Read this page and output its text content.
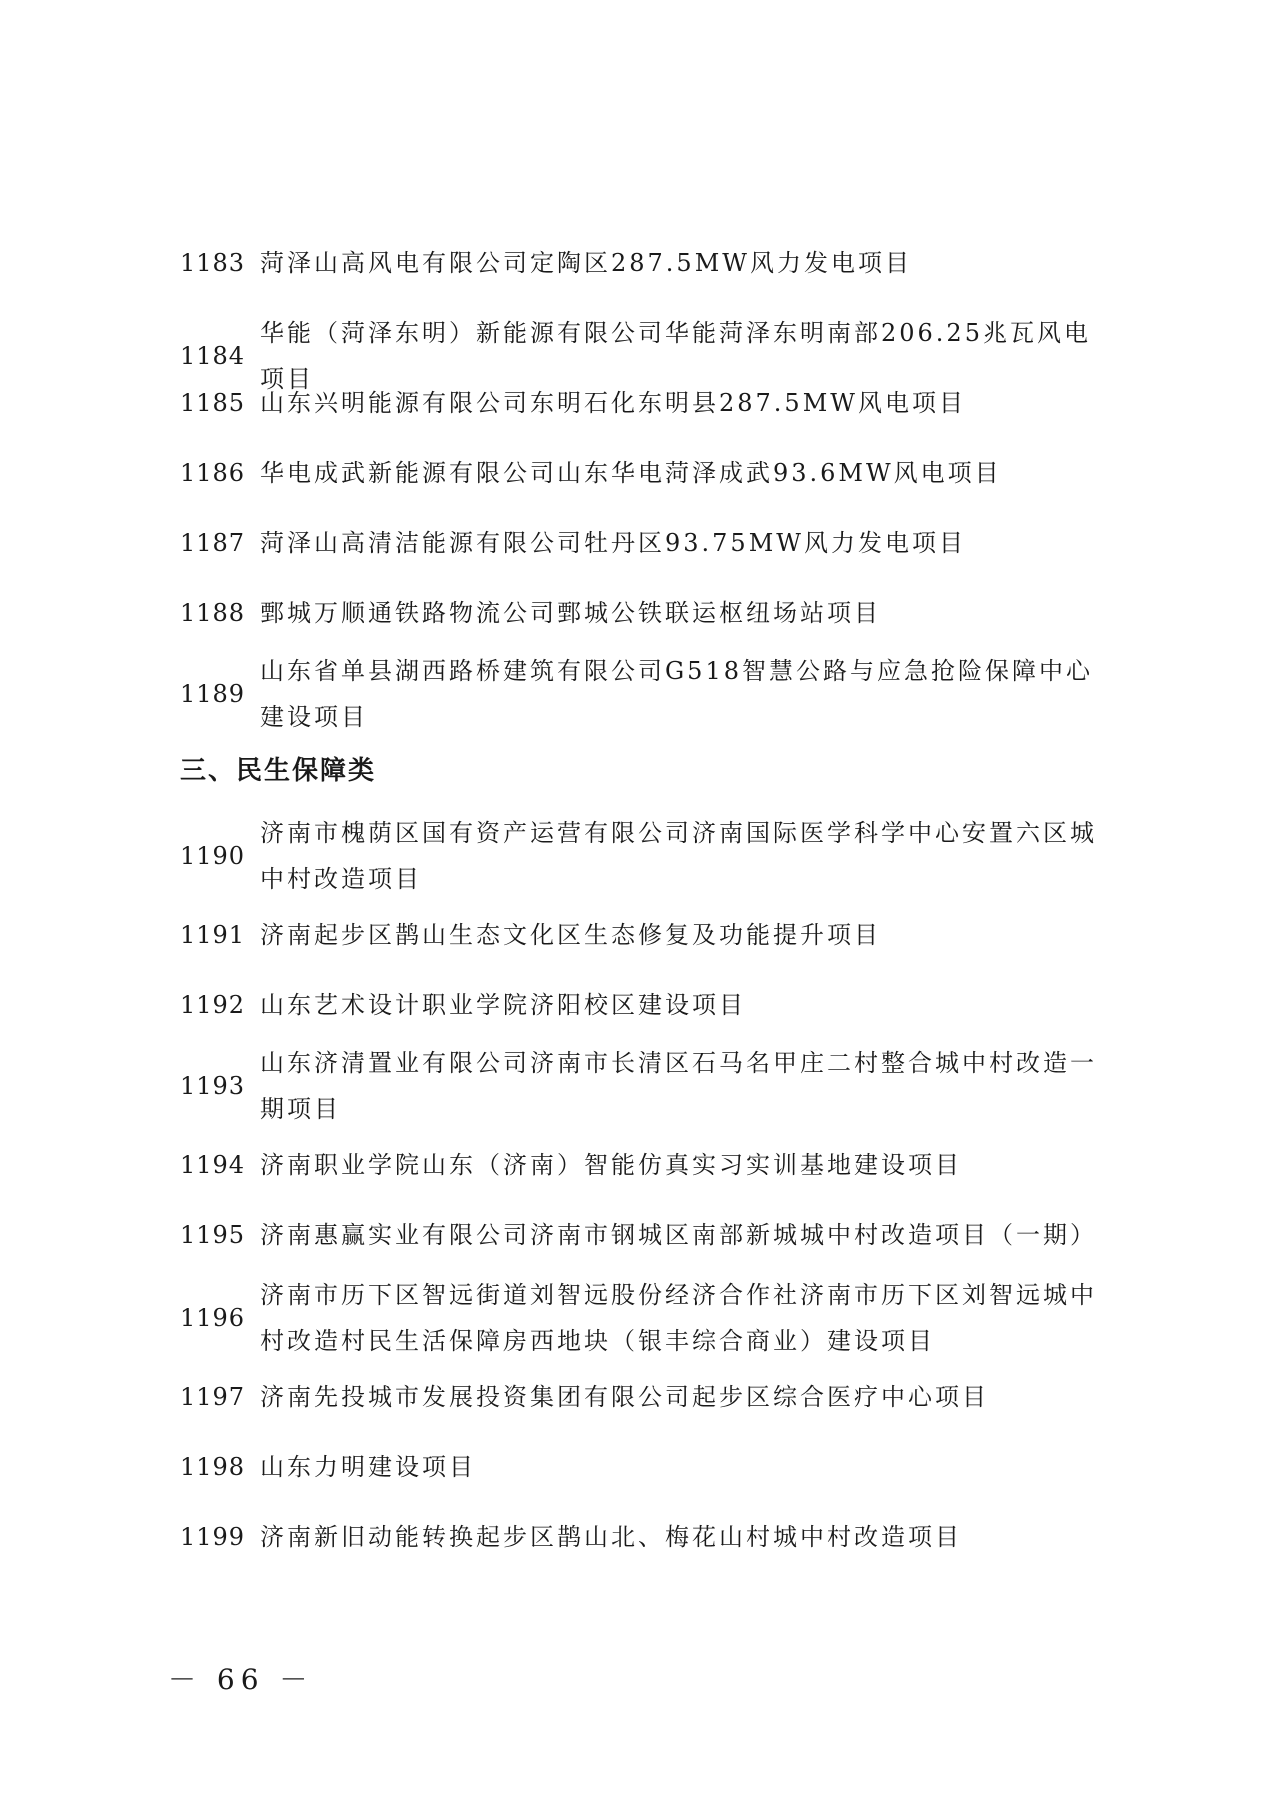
1183 菏泽山高风电有限公司定陶区287.5MW风力发电项目
1184
华能（菏泽东明）新能源有限公司华能菏泽东明南部206.25兆瓦风电项目
1185 山东兴明能源有限公司东明石化东明县287.5MW风电项目
1186 华电成武新能源有限公司山东华电菏泽成武93.6MW风电项目
1187 菏泽山高清洁能源有限公司牡丹区93.75MW风力发电项目
1188 鄄城万顺通铁路物流公司鄄城公铁联运枢纽场站项目
1189
山东省单县湖西路桥建筑有限公司G518智慧公路与应急抢险保障中心建设项目
三、民生保障类
1190
济南市槐荫区国有资产运营有限公司济南国际医学科学中心安置六区城中村改造项目
1191 济南起步区鹊山生态文化区生态修复及功能提升项目
1192 山东艺术设计职业学院济阳校区建设项目
1193
山东济清置业有限公司济南市长清区石马名甲庄二村整合城中村改造一期项目
1194 济南职业学院山东（济南）智能仿真实习实训基地建设项目
1195 济南惠赢实业有限公司济南市钢城区南部新城城中村改造项目（一期）
1196
济南市历下区智远街道刘智远股份经济合作社济南市历下区刘智远城中村改造村民生活保障房西地块（银丰综合商业）建设项目
1197 济南先投城市发展投资集团有限公司起步区综合医疗中心项目
1198 山东力明建设项目
1199 济南新旧动能转换起步区鹊山北、梅花山村城中村改造项目
－ 66 －
